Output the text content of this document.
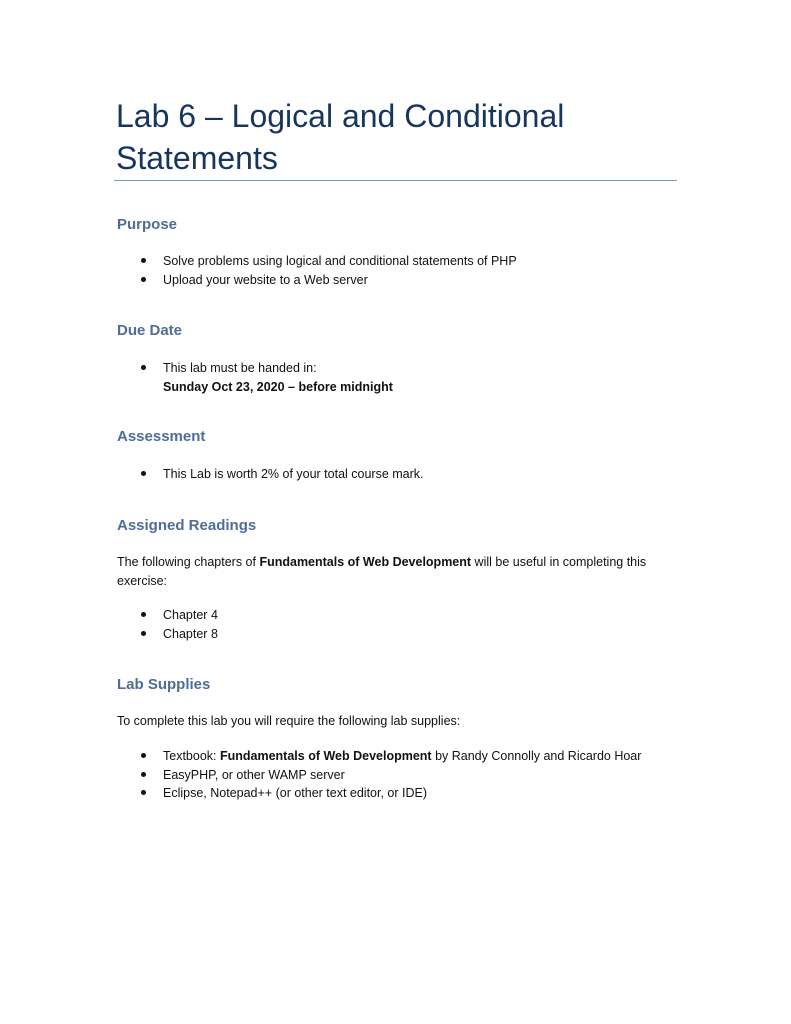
Lab 6 – Logical and Conditional
Statements
Purpose
Solve problems using logical and conditional statements of PHP
Upload your website to a Web server
Due Date
This lab must be handed in:
Sunday Oct 23, 2020 – before midnight
Assessment
This Lab is worth 2% of your total course mark.
Assigned Readings
The following chapters of Fundamentals of Web Development will be useful in completing this exercise:
Chapter 4
Chapter 8
Lab Supplies
To complete this lab you will require the following lab supplies:
Textbook: Fundamentals of Web Development by Randy Connolly and Ricardo Hoar
EasyPHP, or other WAMP server
Eclipse, Notepad++ (or other text editor, or IDE)
